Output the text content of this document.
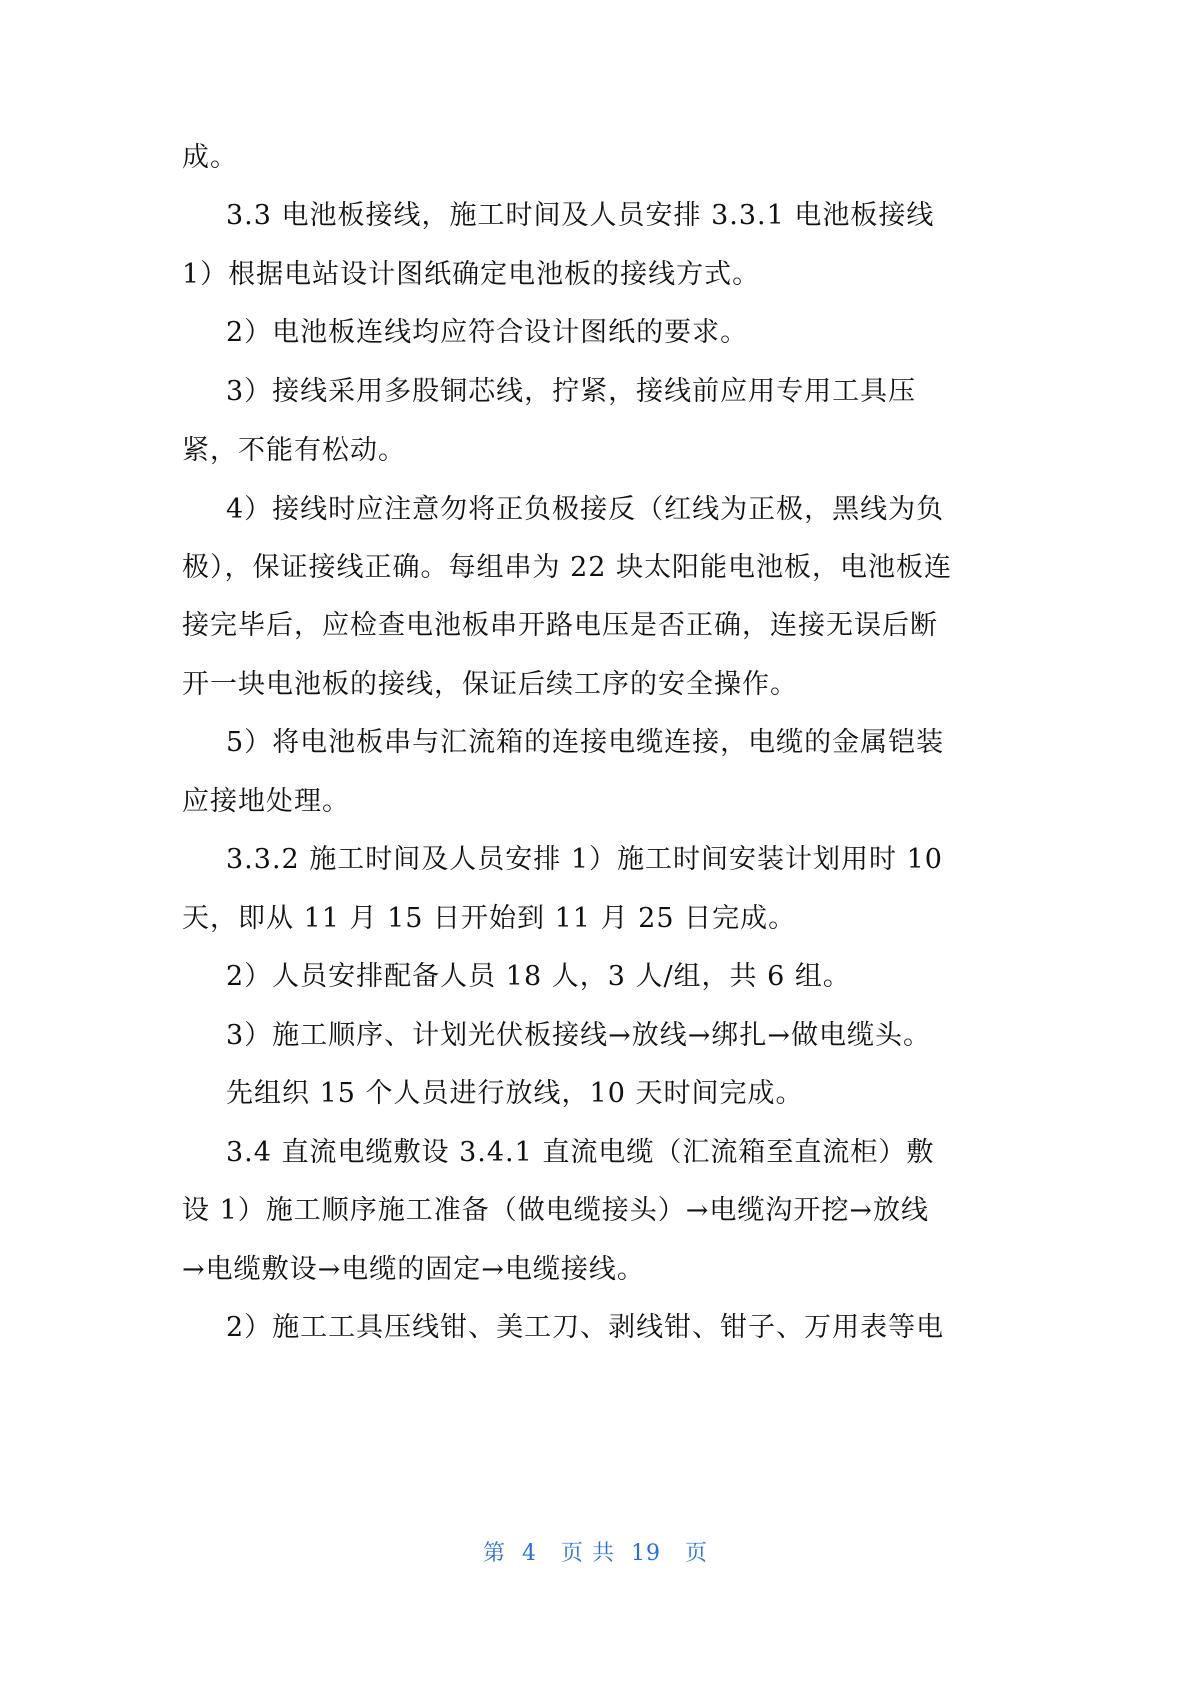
成。
3.3 电池板接线，施工时间及人员安排 3.3.1 电池板接线
1）根据电站设计图纸确定电池板的接线方式。
2）电池板连线均应符合设计图纸的要求。
3）接线采用多股铜芯线，拧紧，接线前应用专用工具压
紧，不能有松动。
4）接线时应注意勿将正负极接反（红线为正极，黑线为负
极），保证接线正确。每组串为 22 块太阳能电池板，电池板连
接完毕后，应检查电池板串开路电压是否正确，连接无误后断
开一块电池板的接线，保证后续工序的安全操作。
5）将电池板串与汇流箱的连接电缆连接，电缆的金属铠装
应接地处理。
3.3.2 施工时间及人员安排 1）施工时间安装计划用时 10
天，即从 11 月 15 日开始到 11 月 25 日完成。
2）人员安排配备人员 18 人，3 人/组，共 6 组。
3）施工顺序、计划光伏板接线→放线→绑扎→做电缆头。
先组织 15 个人员进行放线，10 天时间完成。
3.4 直流电缆敷设 3.4.1 直流电缆（汇流箱至直流柜）敷
设 1）施工顺序施工准备（做电缆接头）→电缆沟开挖→放线
→电缆敷设→电缆的固定→电缆接线。
2）施工工具压线钳、美工刀、剥线钳、钳子、万用表等电
第  4   页 共  19   页
